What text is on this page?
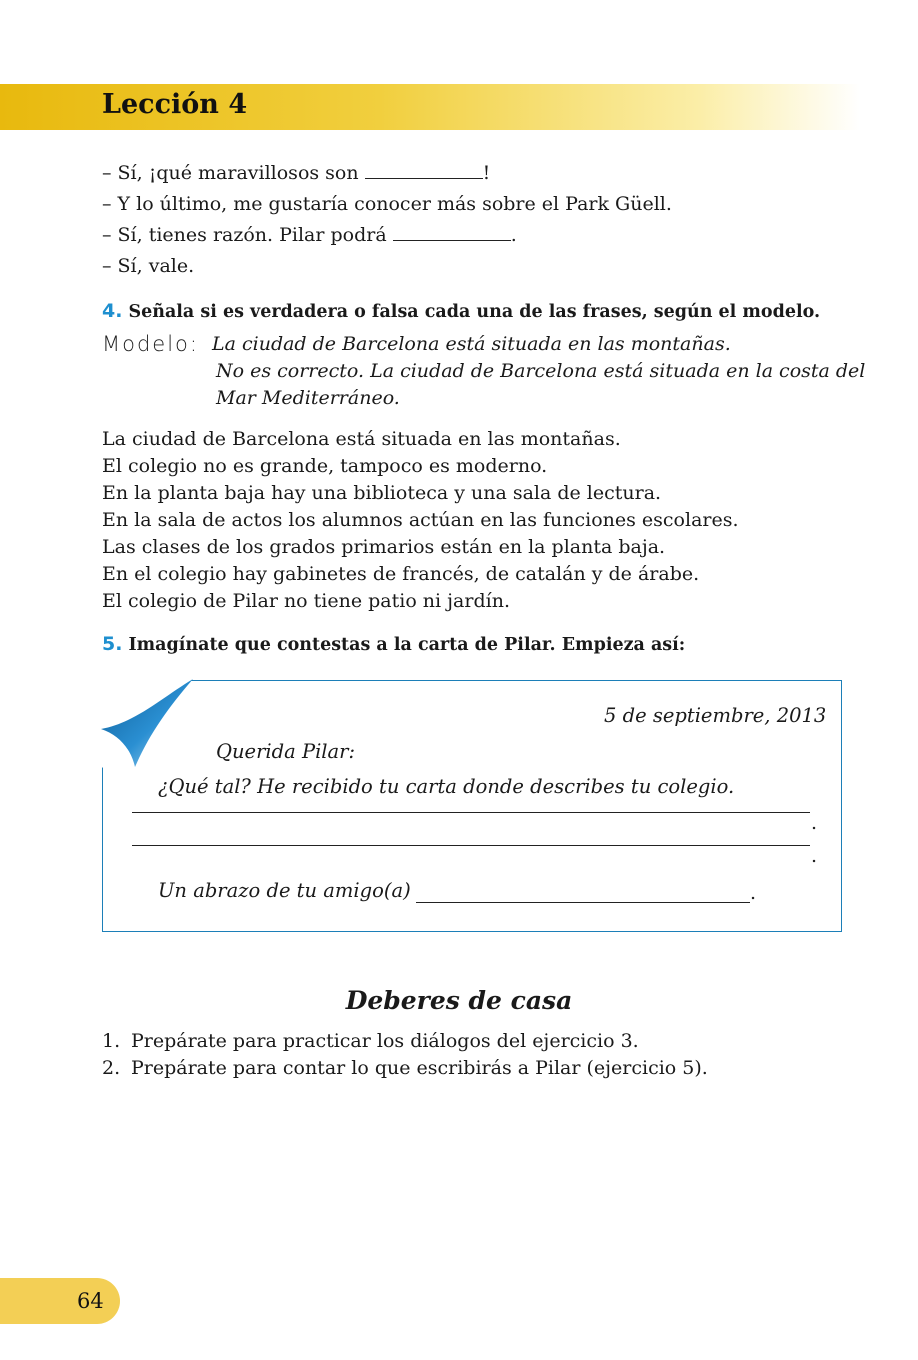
Lección 4
– Sí, ¡qué maravillosos son	!
– Y lo último, me gustaría conocer más sobre el Park Güell.
– Sí, tienes razón. Pilar podrá	.
– Sí, vale.
4. Señala si es verdadera o falsa cada una de las frases, según el modelo.
Modelo: La ciudad de Barcelona está situada en las montañas.
No es correcto. La ciudad de Barcelona está situada en la costa del
Mar Mediterráneo.
La ciudad de Barcelona está situada en las montañas.
El colegio no es grande, tampoco es moderno.
En la planta baja hay una biblioteca y una sala de lectura.
En la sala de actos los alumnos actúan en las funciones escolares.
Las clases de los grados primarios están en la planta baja.
En el colegio hay gabinetes de francés, de catalán y de árabe.
El colegio de Pilar no tiene patio ni jardín.
5. Imagínate que contestas a la carta de Pilar. Empieza así:
5 de septiembre, 2013
Querida Pilar:
¿Qué tal? He recibido tu carta donde describes tu colegio.
.
.
Un abrazo de tu amigo(a)	.
Deberes de casa
1. Prepárate para practicar los diálogos del ejercicio 3.
2. Prepárate para contar lo que escribirás a Pilar (ejercicio 5).
64
